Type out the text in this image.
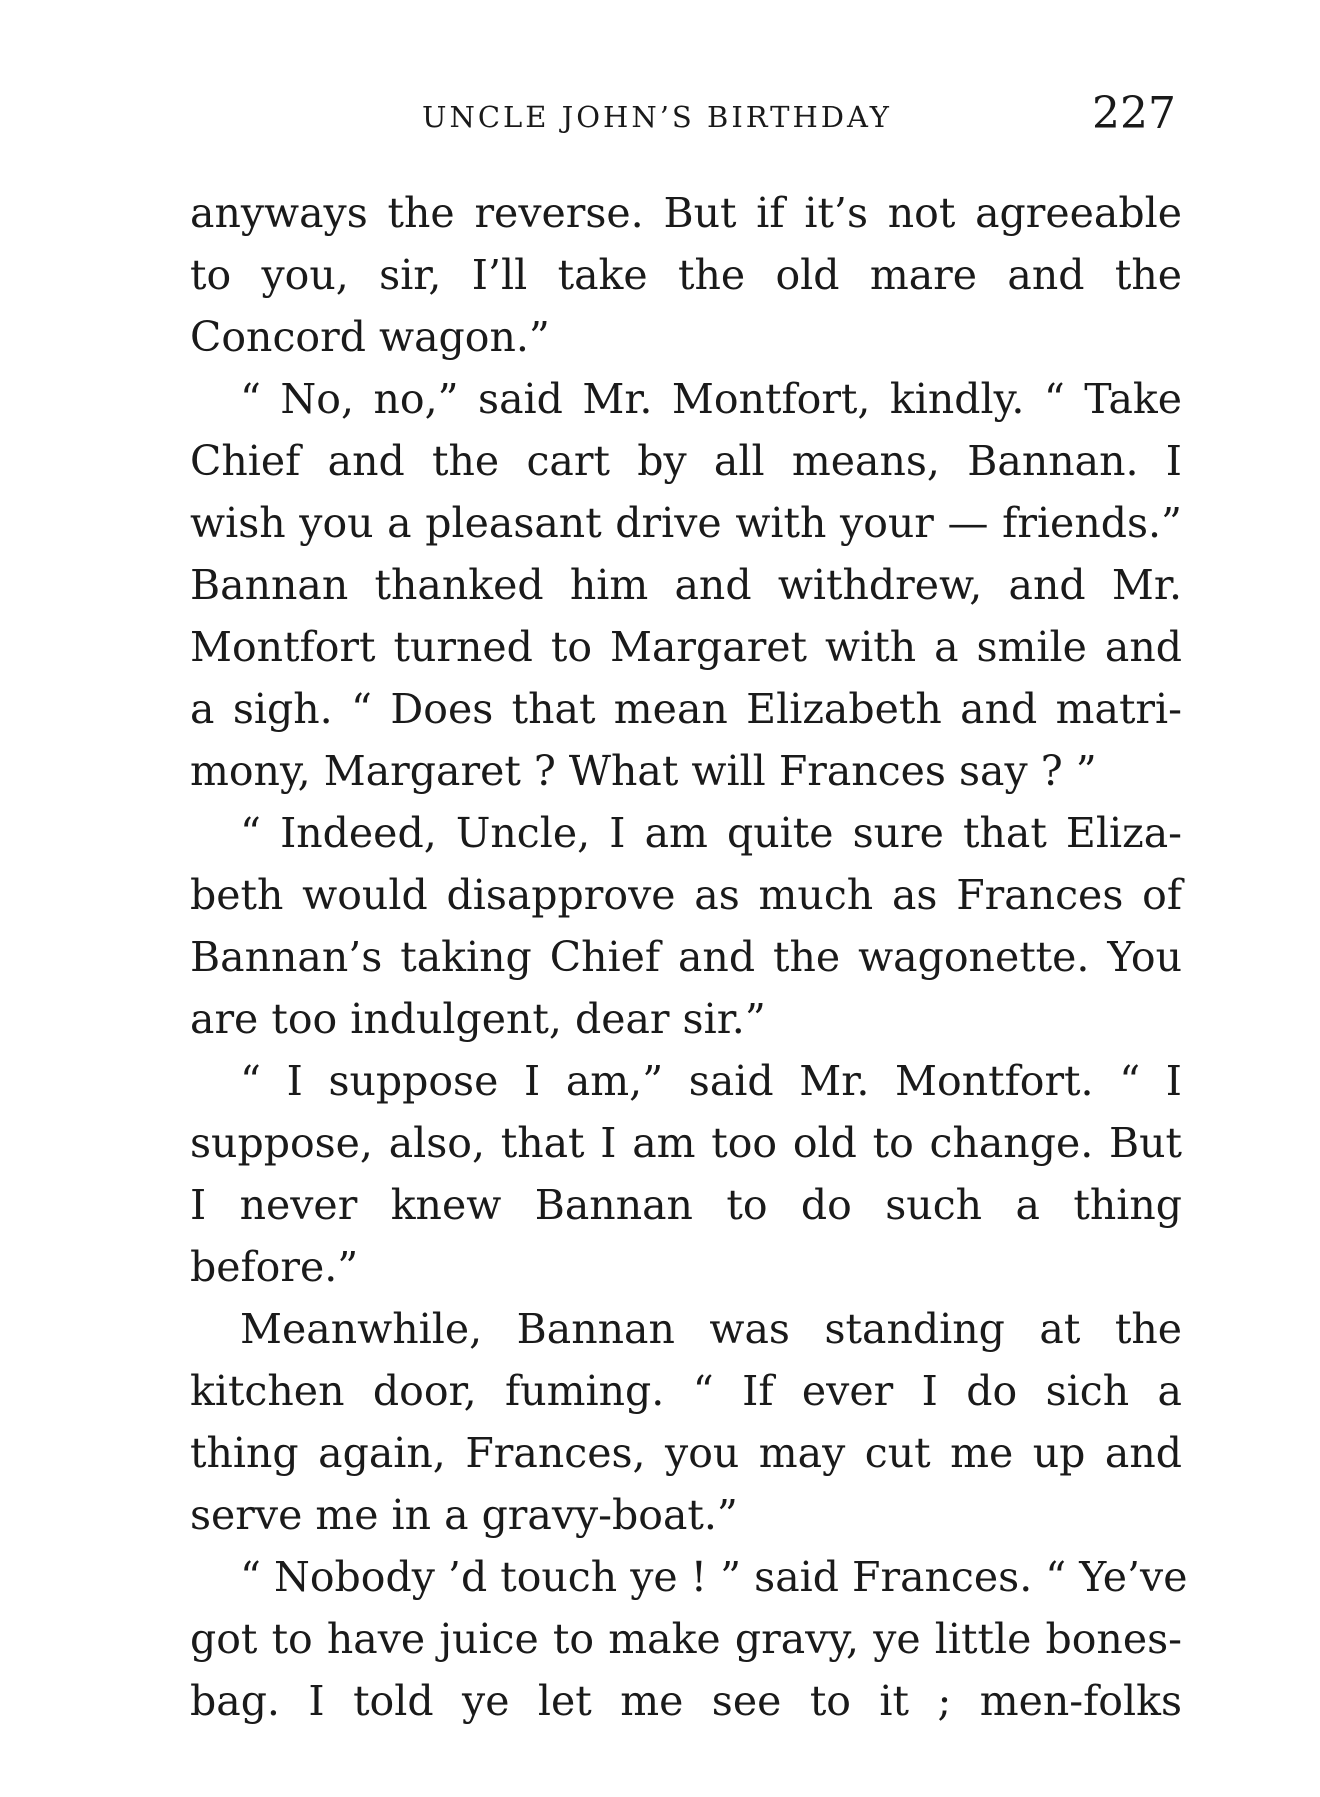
UNCLE JOHN’S BIRTHDAY	227
anyways the reverse. But if it’s not agreeable
to you, sir, I’ll take the old mare and the
Concord wagon.”
“ No, no,” said Mr. Montfort, kindly. “ Take
Chief and the cart by all means, Bannan. I
wish you a pleasant drive with your — friends.”
Bannan thanked him and withdrew, and Mr.
Montfort turned to Margaret with a smile and
a sigh. “ Does that mean Elizabeth and matri-
mony, Margaret ? What will Frances say ? ”
“ Indeed, Uncle, I am quite sure that Eliza-
beth would disapprove as much as Frances of
Bannan’s taking Chief and the wagonette. You
are too indulgent, dear sir.”
“ I suppose I am,” said Mr. Montfort. “ I
suppose, also, that I am too old to change. But
I never knew Bannan to do such a thing
before.”
Meanwhile, Bannan was standing at the
kitchen door, fuming. “ If ever I do sich a
thing again, Frances, you may cut me up and
serve me in a gravy-boat.”
“ Nobody ’d touch ye ! ” said Frances. “ Ye’ve
got to have juice to make gravy, ye little bones-
bag. I told ye let me see to it ; men-folks
